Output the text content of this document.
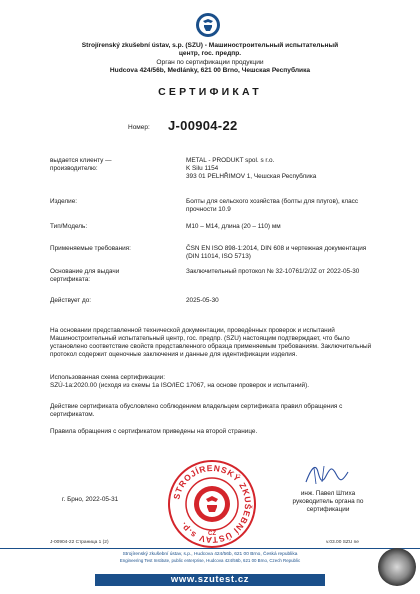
Strojírenský zkušební ústav, s.p. (SZU) - Машиностроительный испытательный
центр, гос. предпр.
Орган по сертификации продукции
Hudcova 424/56b, Medlánky, 621 00 Brno, Чешская Республика
СЕРТИФИКАТ
Номер: J-00904-22
выдается клиенту —
производителю:
METAL - PRODUKT spol. s r.o.
K Silu 1154
393 01 PELHŘIMOV 1, Чешская Республика
Изделие:	Болты для сельского хозяйства (болты для плугов), класс
прочности 10.9
Тип/Модель:	M10 – M14, длина (20 – 110) мм
Применяемые требования:	ČSN EN ISO 898-1:2014, DIN 608 и чертежная документация
(DIN 11014, ISO 5713)
Основание для выдачи
сертификата:
Заключительный протокол № 32-10761/2/JZ от 2022-05-30
Действует до:	2025-05-30
На основании представленной технической документации, проведённых проверок и испытаний Машиностроительный испытательный центр, гос. предпр. (SZU) настоящим подтверждает, что было установлено соответствие свойств представленного образца применяемым требованиям. Заключительный протокол содержит оценочные заключения и данные для идентификации изделия.
Использованная схема сертификации:
SZÚ-1a:2020.00 (исходя из схемы 1a ISO/IEC 17067, на основе проверок и испытаний).
Действие сертификата обусловлено соблюдением владельцем сертификата правил обращения с сертификатом.
Правила обращения с сертификатом приведены на второй странице.
г. Брно, 2022-05-31	STROJÍRENSKÝ ZKUŠEBNÍ ÚSTAV s.p.
CZ
инж. Павел Штиха
руководитель органа по
сертификации
J-00904-22 Страница 1 (2)	v.03.00 SZU ne
Strojírenský zkušební ústav, s.p., Hudcova 424/56b, 621 00 Brno, Česká republika
Engineering Test Institute, public enterprise, Hudcova 424/56b, 621 00 Brno, Czech Republic
www.szutest.cz
